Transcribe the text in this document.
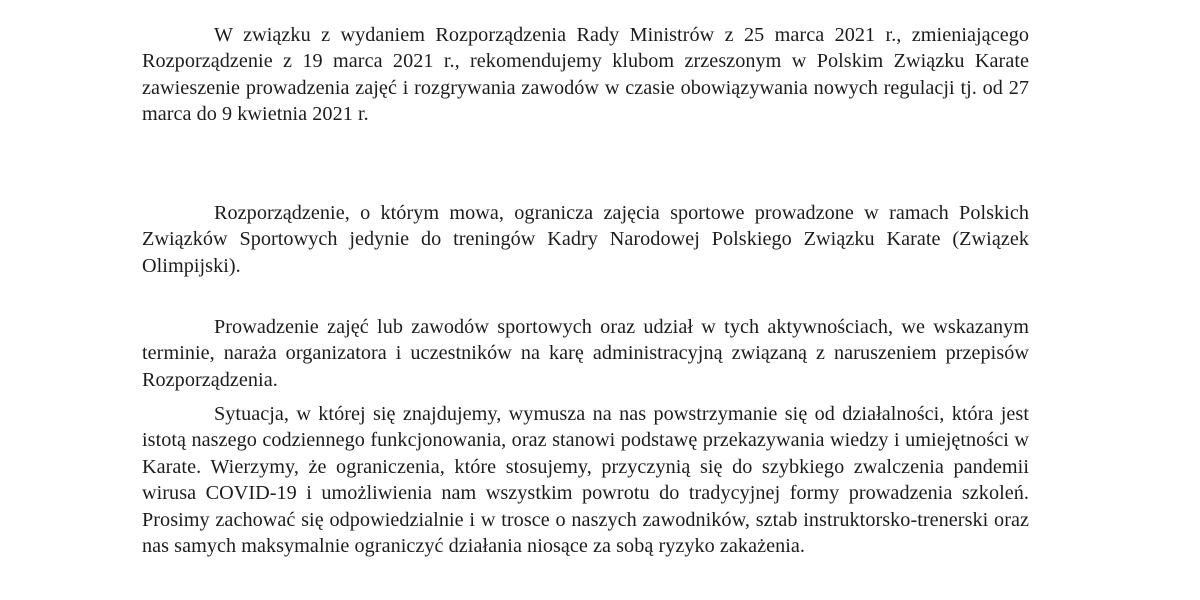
W związku z wydaniem Rozporządzenia Rady Ministrów z 25 marca 2021 r., zmieniającego Rozporządzenie z 19 marca 2021 r., rekomendujemy klubom zrzeszonym w Polskim Związku Karate zawieszenie prowadzenia zajęć i rozgrywania zawodów w czasie obowiązywania nowych regulacji tj. od 27 marca do 9 kwietnia 2021 r.

Rozporządzenie, o którym mowa, ogranicza zajęcia sportowe prowadzone w ramach Polskich Związków Sportowych jedynie do treningów Kadry Narodowej Polskiego Związku Karate (Związek Olimpijski).

Prowadzenie zajęć lub zawodów sportowych oraz udział w tych aktywnościach, we wskazanym terminie, naraża organizatora i uczestników na karę administracyjną związaną z naruszeniem przepisów Rozporządzenia.

Sytuacja, w której się znajdujemy, wymusza na nas powstrzymanie się od działalności, która jest istotą naszego codziennego funkcjonowania, oraz stanowi podstawę przekazywania wiedzy i umiejętności w Karate. Wierzymy, że ograniczenia, które stosujemy, przyczynią się do szybkiego zwalczenia pandemii wirusa COVID-19 i umożliwienia nam wszystkim powrotu do tradycyjnej formy prowadzenia szkoleń. Prosimy zachować się odpowiedzialnie i w trosce o naszych zawodników, sztab instruktorsko-trenerski oraz nas samych maksymalnie ograniczyć działania niosące za sobą ryzyko zakażenia.
